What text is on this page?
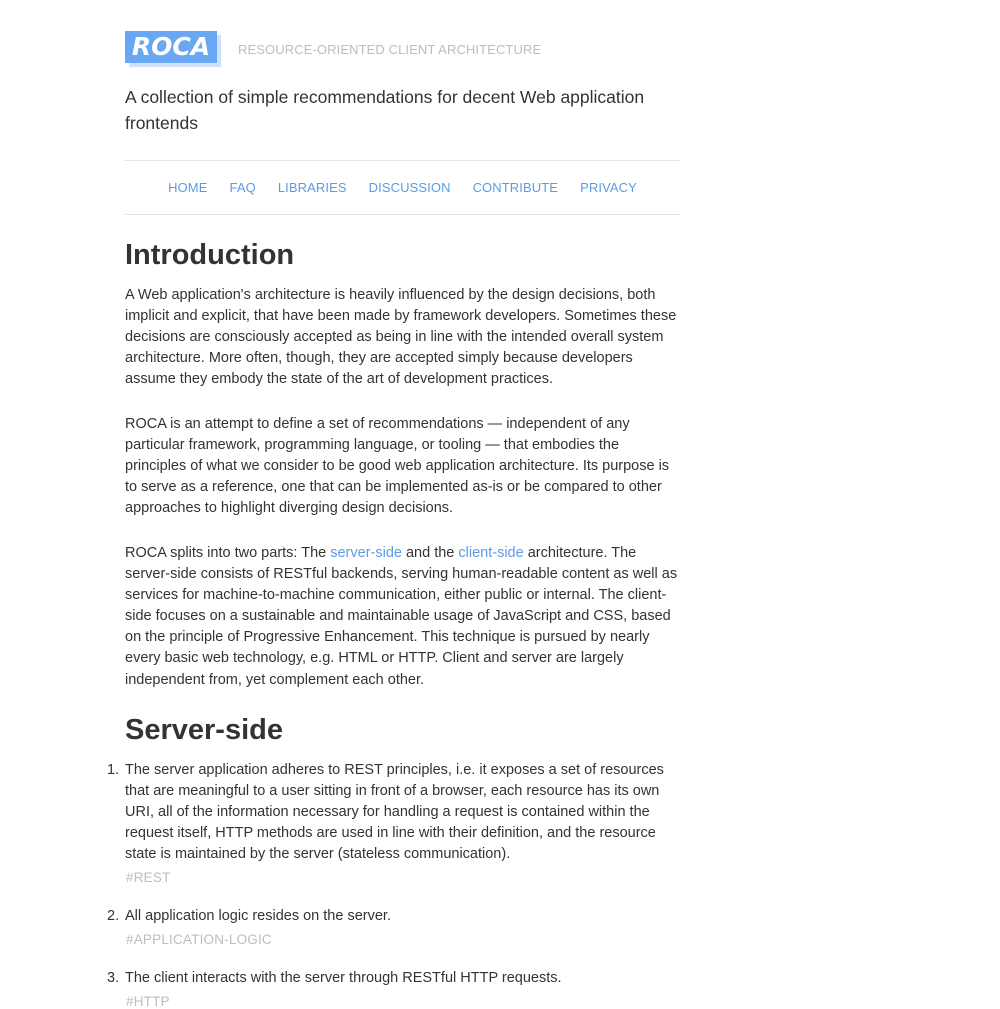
ROCA	RESOURCE-ORIENTED CLIENT ARCHITECTURE
A collection of simple recommendations for decent Web application frontends
HOME FAQ LIBRARIES DISCUSSION CONTRIBUTE PRIVACY
Introduction

A Web application's architecture is heavily influenced by the design decisions, both implicit and explicit, that have been made by framework developers. Sometimes these decisions are consciously accepted as being in line with the intended overall system architecture. More often, though, they are accepted simply because developers assume they embody the state of the art of development practices.

ROCA is an attempt to define a set of recommendations — independent of any particular framework, programming language, or tooling — that embodies the principles of what we consider to be good web application architecture. Its purpose is to serve as a reference, one that can be implemented as-is or be compared to other approaches to highlight diverging design decisions.

ROCA splits into two parts: The server-side and the client-side architecture. The server-side consists of RESTful backends, serving human-readable content as well as services for machine-to-machine communication, either public or internal. The client-side focuses on a sustainable and maintainable usage of JavaScript and CSS, based on the principle of Progressive Enhancement. This technique is pursued by nearly every basic web technology, e.g. HTML or HTTP. Client and server are largely independent from, yet complement each other.

Server-side
1. The server application adheres to REST principles, i.e. it exposes a set of resources that are meaningful to a user sitting in front of a browser, each resource has its own URI, all of the information necessary for handling a request is contained within the request itself, HTTP methods are used in line with their definition, and the resource state is maintained by the server (stateless communication).

#REST
2. All application logic resides on the server.

#APPLICATION-LOGIC
3. The client interacts with the server through RESTful HTTP requests.

#HTTP
